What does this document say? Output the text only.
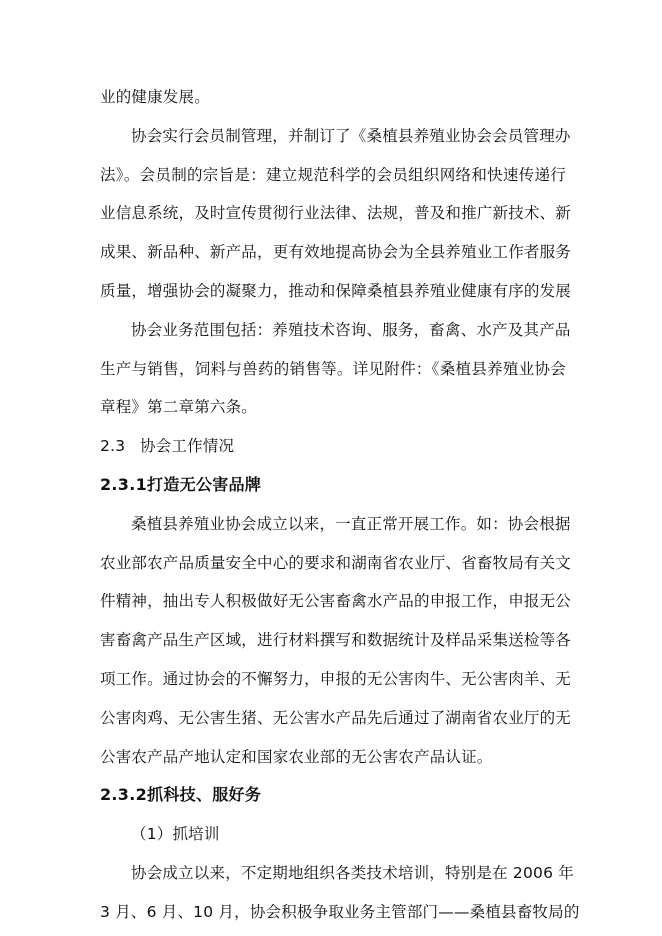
业的健康发展。
协会实行会员制管理，并制订了《桑植县养殖业协会会员管理办
法》。会员制的宗旨是：建立规范科学的会员组织网络和快速传递行
业信息系统，及时宣传贯彻行业法律、法规，普及和推广新技术、新
成果、新品种、新产品，更有效地提高协会为全县养殖业工作者服务
质量，增强协会的凝聚力，推动和保障桑植县养殖业健康有序的发展
协会业务范围包括：养殖技术咨询、服务，畜禽、水产及其产品
生产与销售，饲料与兽药的销售等。详见附件：《桑植县养殖业协会
章程》第二章第六条。
2.3 协会工作情况
2.3.1打造无公害品牌
桑植县养殖业协会成立以来，一直正常开展工作。如：协会根据
农业部农产品质量安全中心的要求和湖南省农业厅、省畜牧局有关文
件精神，抽出专人积极做好无公害畜禽水产品的申报工作，申报无公
害畜禽产品生产区域，进行材料撰写和数据统计及样品采集送检等各
项工作。通过协会的不懈努力，申报的无公害肉牛、无公害肉羊、无
公害肉鸡、无公害生猪、无公害水产品先后通过了湖南省农业厅的无
公害农产品产地认定和国家农业部的无公害农产品认证。
2.3.2抓科技、服好务
（1）抓培训
协会成立以来，不定期地组织各类技术培训，特别是在 2006 年
3 月、6 月、10 月，协会积极争取业务主管部门——桑植县畜牧局的
